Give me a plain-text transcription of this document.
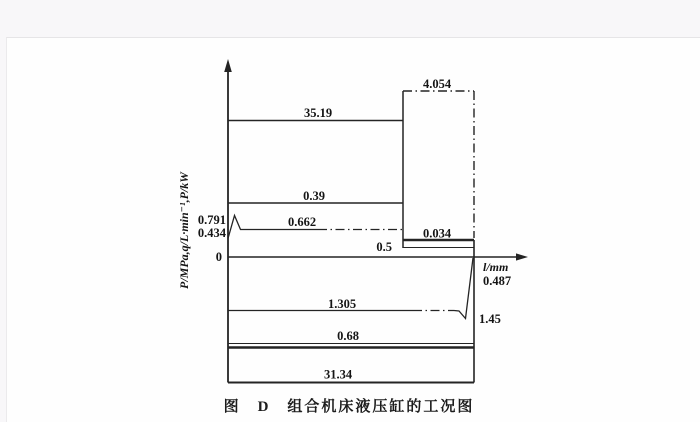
P/MPa,q/L·min⁻¹,P/kW	l/mm
0
35.19
0.39
0.791
0.434
0.662
4.054
0.034
0.5
1.305
1.45
0.487
0.68
31.34
图　D　组合机床液压缸的工况图
